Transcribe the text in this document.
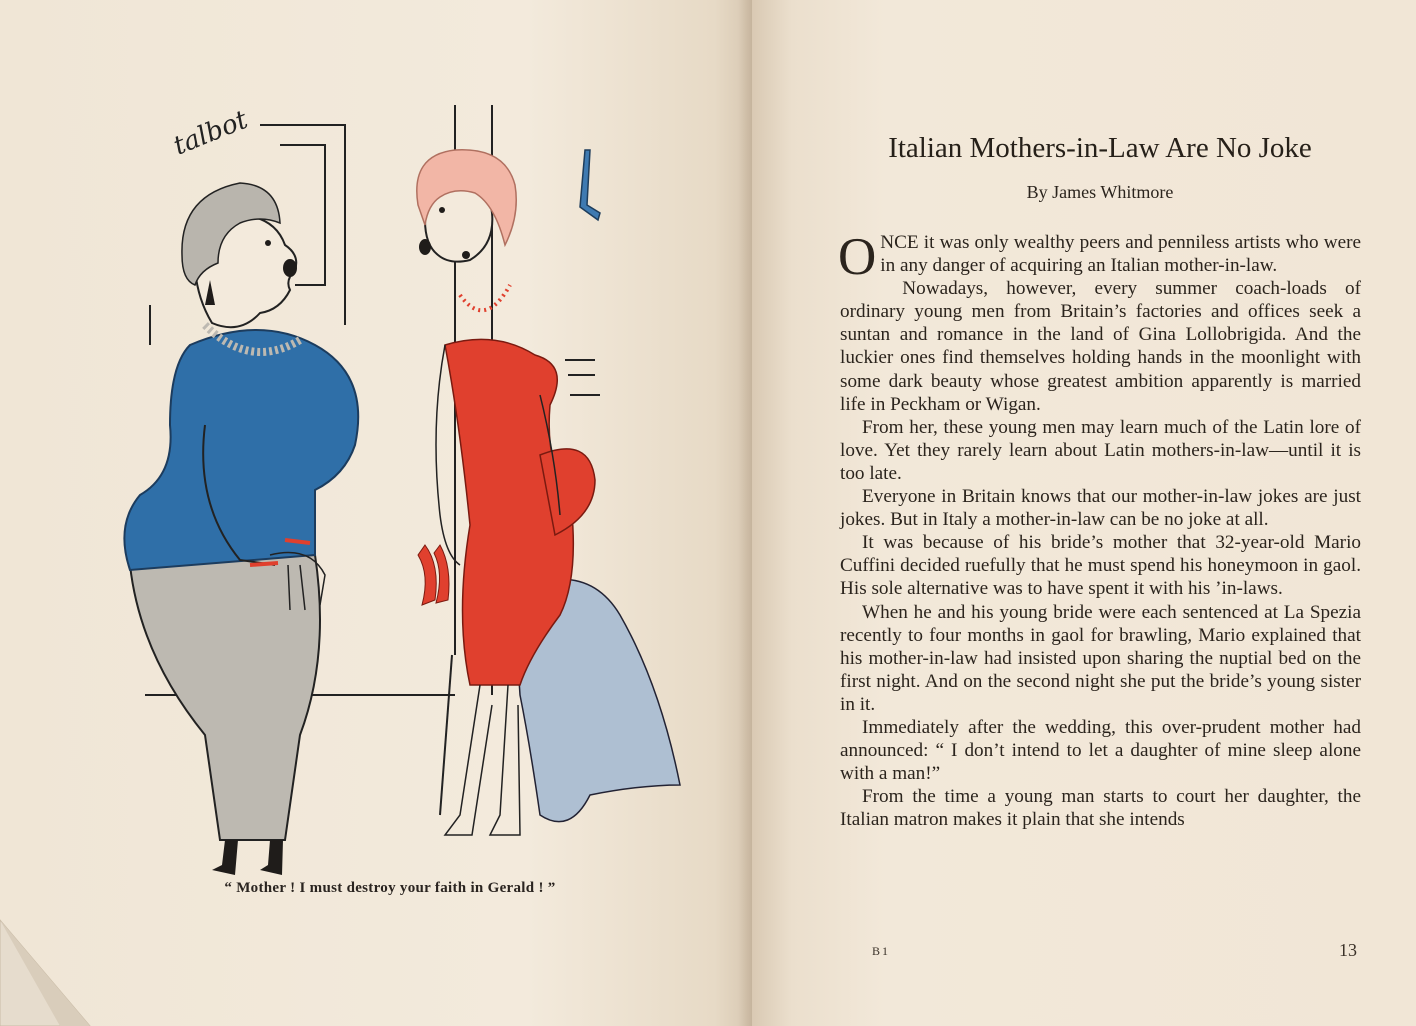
talbot
“ Mother ! I must destroy your faith in Gerald ! ”
Italian Mothers-in-Law Are No Joke
By James Whitmore

ONCE it was only wealthy peers and penniless artists who were in any danger of acquiring an Italian mother-in-law.

Nowadays, however, every summer coach-loads of ordinary young men from Britain’s factories and offices seek a suntan and romance in the land of Gina Lollobrigida. And the luckier ones find themselves holding hands in the moonlight with some dark beauty whose greatest ambition apparently is married life in Peckham or Wigan.

From her, these young men may learn much of the Latin lore of love. Yet they rarely learn about Latin mothers-in-law—until it is too late.

Everyone in Britain knows that our mother-in-law jokes are just jokes. But in Italy a mother-in-law can be no joke at all.

It was because of his bride’s mother that 32-year-old Mario Cuffini decided ruefully that he must spend his honeymoon in gaol. His sole alternative was to have spent it with his ’in-laws.

When he and his young bride were each sentenced at La Spezia recently to four months in gaol for brawling, Mario explained that his mother-in-law had insisted upon sharing the nuptial bed on the first night. And on the second night she put the bride’s young sister in it.

Immediately after the wedding, this over-prudent mother had announced: “ I don’t intend to let a daughter of mine sleep alone with a man!”

From the time a young man starts to court her daughter, the Italian matron makes it plain that she intends

B1	13
